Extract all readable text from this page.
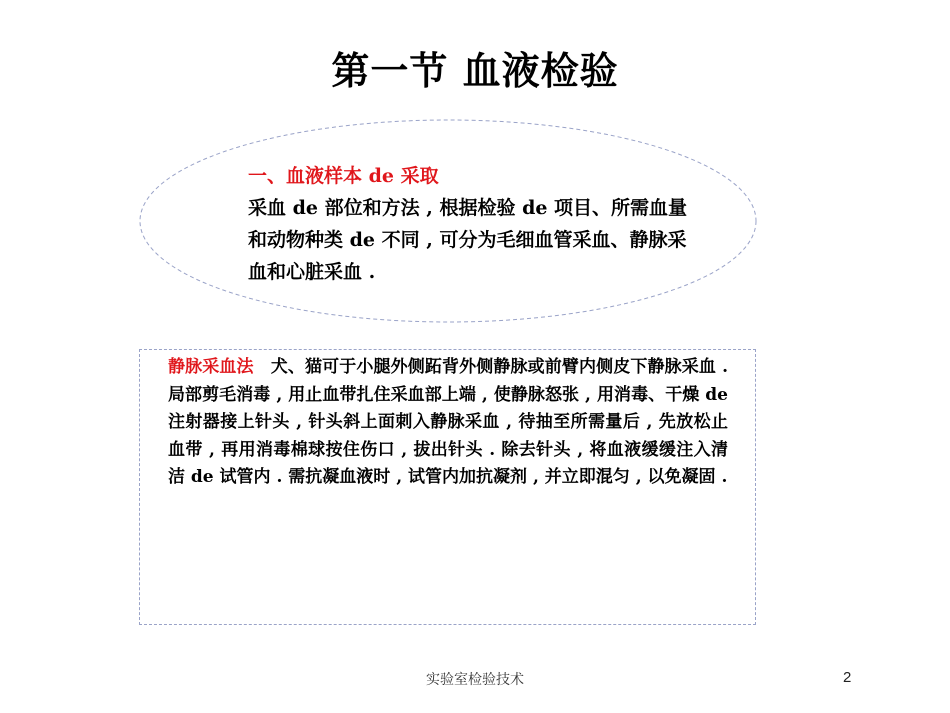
第一节 血液检验
一、血液样本 de 采取
采血 de 部位和方法 , 根据检验 de 项目、所需血量和动物种类 de 不同 , 可分为毛细血管采血、静脉采血和心脏采血 .
静脉采血法　犬、猫可于小腿外侧跖背外侧静脉或前臂内侧皮下静脉采血 . 局部剪毛消毒 , 用止血带扎住采血部上端 , 使静脉怒张 , 用消毒、干燥 de 注射器接上针头 , 针头斜上面刺入静脉采血 , 待抽至所需量后 , 先放松止血带 , 再用消毒棉球按住伤口 , 拔出针头 . 除去针头 , 将血液缓缓注入清洁 de 试管内 . 需抗凝血液时 , 试管内加抗凝剂 , 并立即混匀 , 以免凝固 .
实验室检验技术	2
